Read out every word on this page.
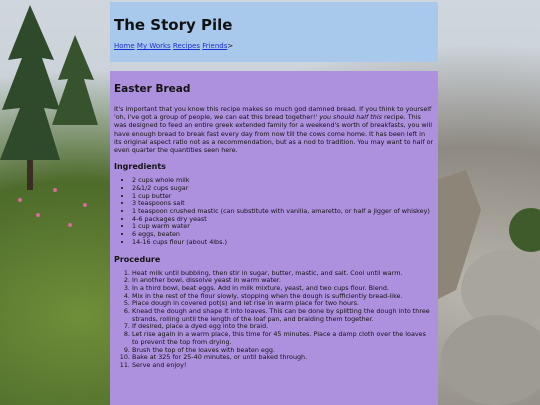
The Story Pile
Home My Works Recipes Friends>
Easter Bread

It's important that you know this recipe makes so much god damned bread. If you think to yourself 'oh, I've got a group of people, we can eat this bread together!' you should half this recipe. This was designed to feed an entire greek extended family for a weekend's worth of breakfasts, you will have enough bread to break fast every day from now till the cows come home. It has been left in its original aspect ratio not as a recommendation, but as a nod to tradition. You may want to half or even quarter the quantities seen here.

Ingredients
• 2 cups whole milk
• 2&1/2 cups sugar
• 1 cup butter
• 3 teaspoons salt
• 1 teaspoon crushed mastic (can substitute with vanilla, amaretto, or half a jigger of whiskey)
• 4-6 packages dry yeast
• 1 cup warm water
• 6 eggs, beaten
• 14-16 cups flour (about 4lbs.)
Procedure
1. Heat milk until bubbling, then stir in sugar, butter, mastic, and salt. Cool until warm.
2. In another bowl, dissolve yeast in warm water.
3. In a third bowl, beat eggs. Add in milk mixture, yeast, and two cups flour. Blend.
4. Mix in the rest of the flour slowly, stopping when the dough is sufficiently bread-like.
5. Place dough in covered pot(s) and let rise in warm place for two hours.
6. Knead the dough and shape it into loaves. This can be done by splitting the dough into three strands, rolling until the length of the loaf pan, and braiding them together.
7. If desired, place a dyed egg into the braid.
8. Let rise again in a warm place, this time for 45 minutes. Place a damp cloth over the loaves to prevent the top from drying.
9. Brush the top of the loaves with beaten egg.
10. Bake at 325 for 25-40 minutes, or until baked through.
11. Serve and enjoy!
